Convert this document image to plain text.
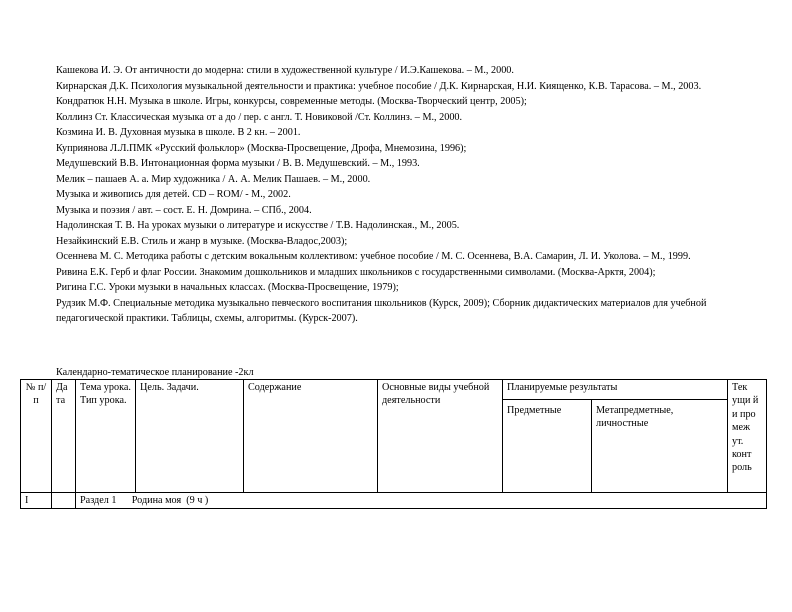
Кашекова И. Э. От античности до модерна: стили в художественной культуре / И.Э.Кашекова. – М., 2000.

Кирнарская Д.К. Психология музыкальной деятельности и практика: учебное пособие / Д.К. Кирнарская, Н.И. Киященко, К.В. Тарасова. – М., 2003.

Кондратюк Н.Н. Музыка в школе. Игры, конкурсы, современные методы. (Москва-Творческий центр, 2005);

Коллинз Ст. Классическая музыка от а до / пер. с англ. Т. Новиковой /Ст. Коллинз. – М., 2000.

Козмина И. В. Духовная музыка в школе. В 2 кн. – 2001.

Куприянова Л.Л.ПМК «Русский фольклор» (Москва-Просвещение, Дрофа, Мнемозина, 1996);

Медушевский В.В. Интонационная форма музыки / В. В. Медушевский. – М., 1993.

Мелик – пашаев А. а. Мир художника / А. А. Мелик Пашаев. – М., 2000.

Музыка и живопись для детей. CD – ROM/ - М., 2002.

Музыка и поэзия / авт. – сост. Е. Н. Домрина. – СПб., 2004.

Надолинская Т. В. На уроках музыки о литературе и искусстве / Т.В. Надолинская., М., 2005.

Незайкинский Е.В. Стиль и жанр в музыке. (Москва-Владос,2003);

Осеннева М. С. Методика работы с детским вокальным коллективом: учебное пособие / М. С. Осеннева, В.А. Самарин, Л. И. Уколова. – М., 1999.

Ривина Е.К. Герб и флаг России. Знакомим дошкольников и младших школьников с государственными символами. (Москва-Арктя, 2004);

Ригина Г.С. Уроки музыки в начальных классах. (Москва-Просвещение, 1979);

Рудзик М.Ф. Специальные методика музыкально певческого воспитания школьников (Курск, 2009); Сборник дидактических материалов для учебной педагогической практики. Таблицы, схемы, алгоритмы. (Курск-2007).

Календарно-тематическое планирование -2кл
№ п/п	Да та	Тема урока. Тип урока.	Цель. Задачи.	Содержание	Основные виды учебной деятельности	Планируемые результаты		Тек ущи й и про меж ут. конт роль
						Предметные	Метапредметные, личностные	
I		Раздел 1      Родина моя  (9 ч )						
